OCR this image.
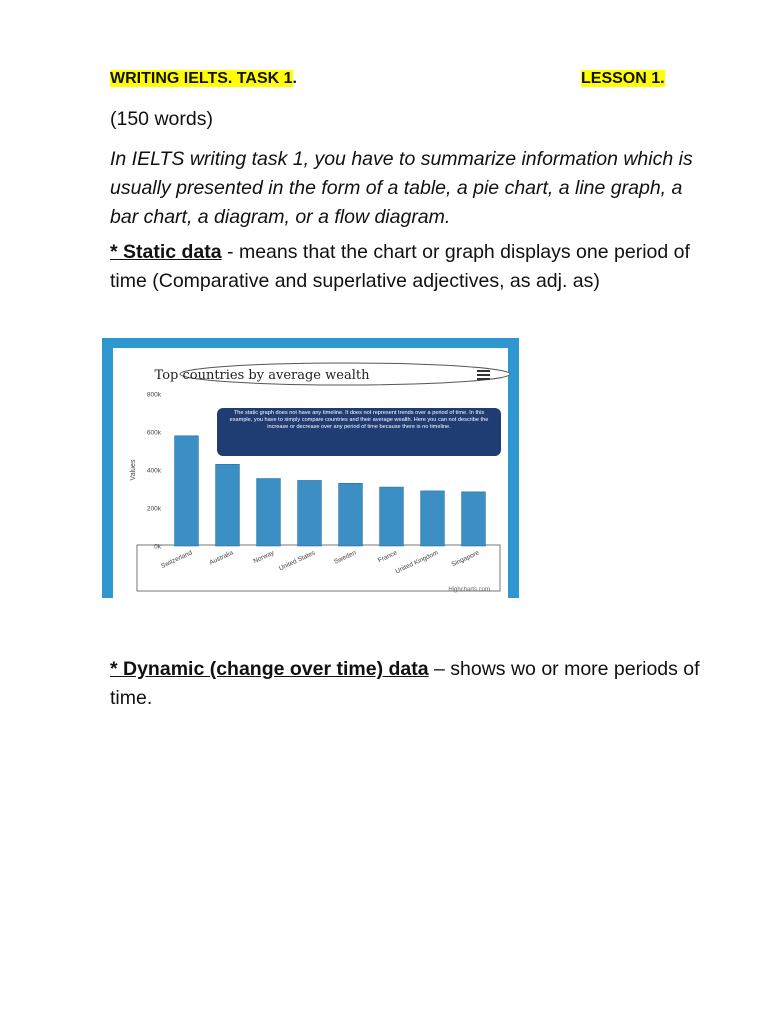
WRITING IELTS. TASK 1.	LESSON 1.
(150 words)
In IELTS writing task 1, you have to summarize information which is usually presented in the form of a table, a pie chart, a line graph, a bar chart, a diagram, or a flow diagram.
* Static data - means that the chart or graph displays one period of time (Comparative and superlative adjectives, as adj. as)
Top countries by average wealth
Values
0k
200k
400k
600k
800k
Switzerland Australia	Norway United States	Sweden	France
United Kingdom Singapore
The static graph does not have any timeline. It does not represent trends over a period of time. In this example, you have to simply compare countries and their average wealth. Here you can not describe the increase or decrease over any period of time because there is no timeline.
Highcharts.com
* Dynamic (change over time) data – shows wo or more periods of time.
